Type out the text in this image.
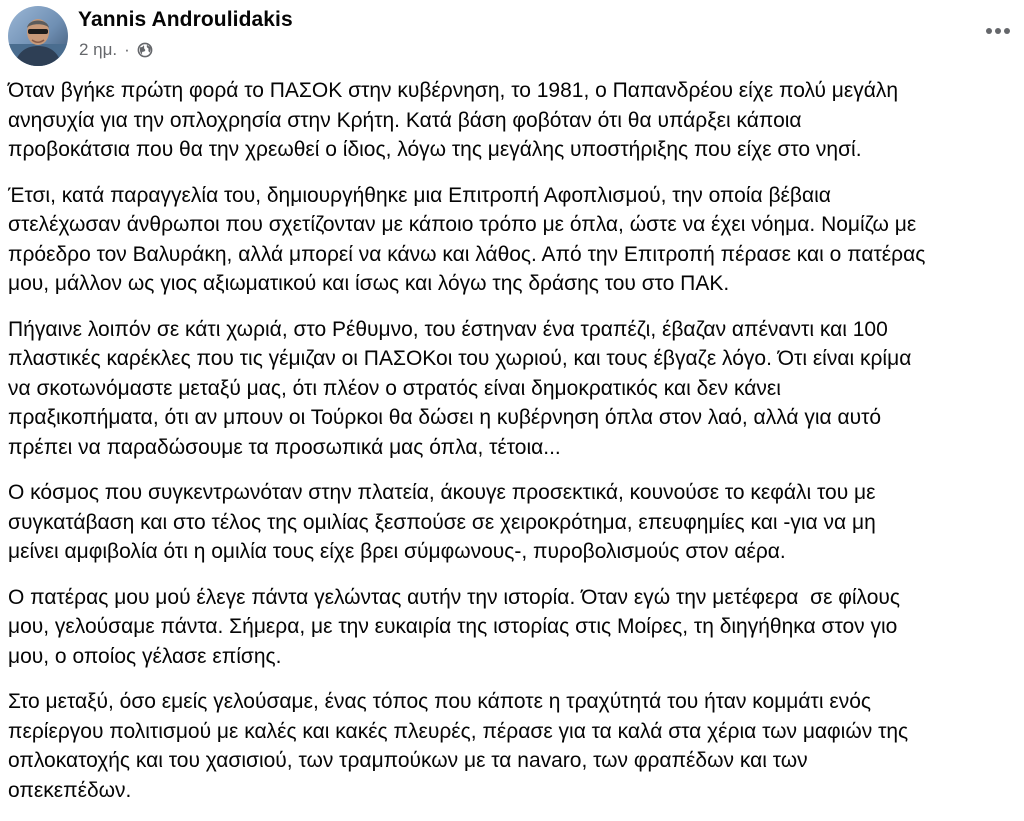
Yannis Androulidakis
2 ημ. ·

Όταν βγήκε πρώτη φορά το ΠΑΣΟΚ στην κυβέρνηση, το 1981, ο Παπανδρέου είχε πολύ μεγάλη
ανησυχία για την οπλοχρησία στην Κρήτη. Κατά βάση φοβόταν ότι θα υπάρξει κάποια
προβοκάτσια που θα την χρεωθεί ο ίδιος, λόγω της μεγάλης υποστήριξης που είχε στο νησί.

Έτσι, κατά παραγγελία του, δημιουργήθηκε μια Επιτροπή Αφοπλισμού, την οποία βέβαια
στελέχωσαν άνθρωποι που σχετίζονταν με κάποιο τρόπο με όπλα, ώστε να έχει νόημα. Νομίζω με
πρόεδρο τον Βαλυράκη, αλλά μπορεί να κάνω και λάθος. Από την Επιτροπή πέρασε και ο πατέρας
μου, μάλλον ως γιος αξιωματικού και ίσως και λόγω της δράσης του στο ΠΑΚ.

Πήγαινε λοιπόν σε κάτι χωριά, στο Ρέθυμνο, του έστηναν ένα τραπέζι, έβαζαν απέναντι και 100
πλαστικές καρέκλες που τις γέμιζαν οι ΠΑΣΟΚοι του χωριού, και τους έβγαζε λόγο. Ότι είναι κρίμα
να σκοτωνόμαστε μεταξύ μας, ότι πλέον ο στρατός είναι δημοκρατικός και δεν κάνει
πραξικοπήματα, ότι αν μπουν οι Τούρκοι θα δώσει η κυβέρνηση όπλα στον λαό, αλλά για αυτό
πρέπει να παραδώσουμε τα προσωπικά μας όπλα, τέτοια...

Ο κόσμος που συγκεντρωνόταν στην πλατεία, άκουγε προσεκτικά, κουνούσε το κεφάλι του με
συγκατάβαση και στο τέλος της ομιλίας ξεσπούσε σε χειροκρότημα, επευφημίες και -για να μη
μείνει αμφιβολία ότι η ομιλία τους είχε βρει σύμφωνους-, πυροβολισμούς στον αέρα.

Ο πατέρας μου μού έλεγε πάντα γελώντας αυτήν την ιστορία. Όταν εγώ την μετέφερα  σε φίλους
μου, γελούσαμε πάντα. Σήμερα, με την ευκαιρία της ιστορίας στις Μοίρες, τη διηγήθηκα στον γιο
μου, ο οποίος γέλασε επίσης.

Στο μεταξύ, όσο εμείς γελούσαμε, ένας τόπος που κάποτε η τραχύτητά του ήταν κομμάτι ενός
περίεργου πολιτισμού με καλές και κακές πλευρές, πέρασε για τα καλά στα χέρια των μαφιών της
οπλοκατοχής και του χασισιού, των τραμπούκων με τα navaro, των φραπέδων και των
οπεκεπέδων.
